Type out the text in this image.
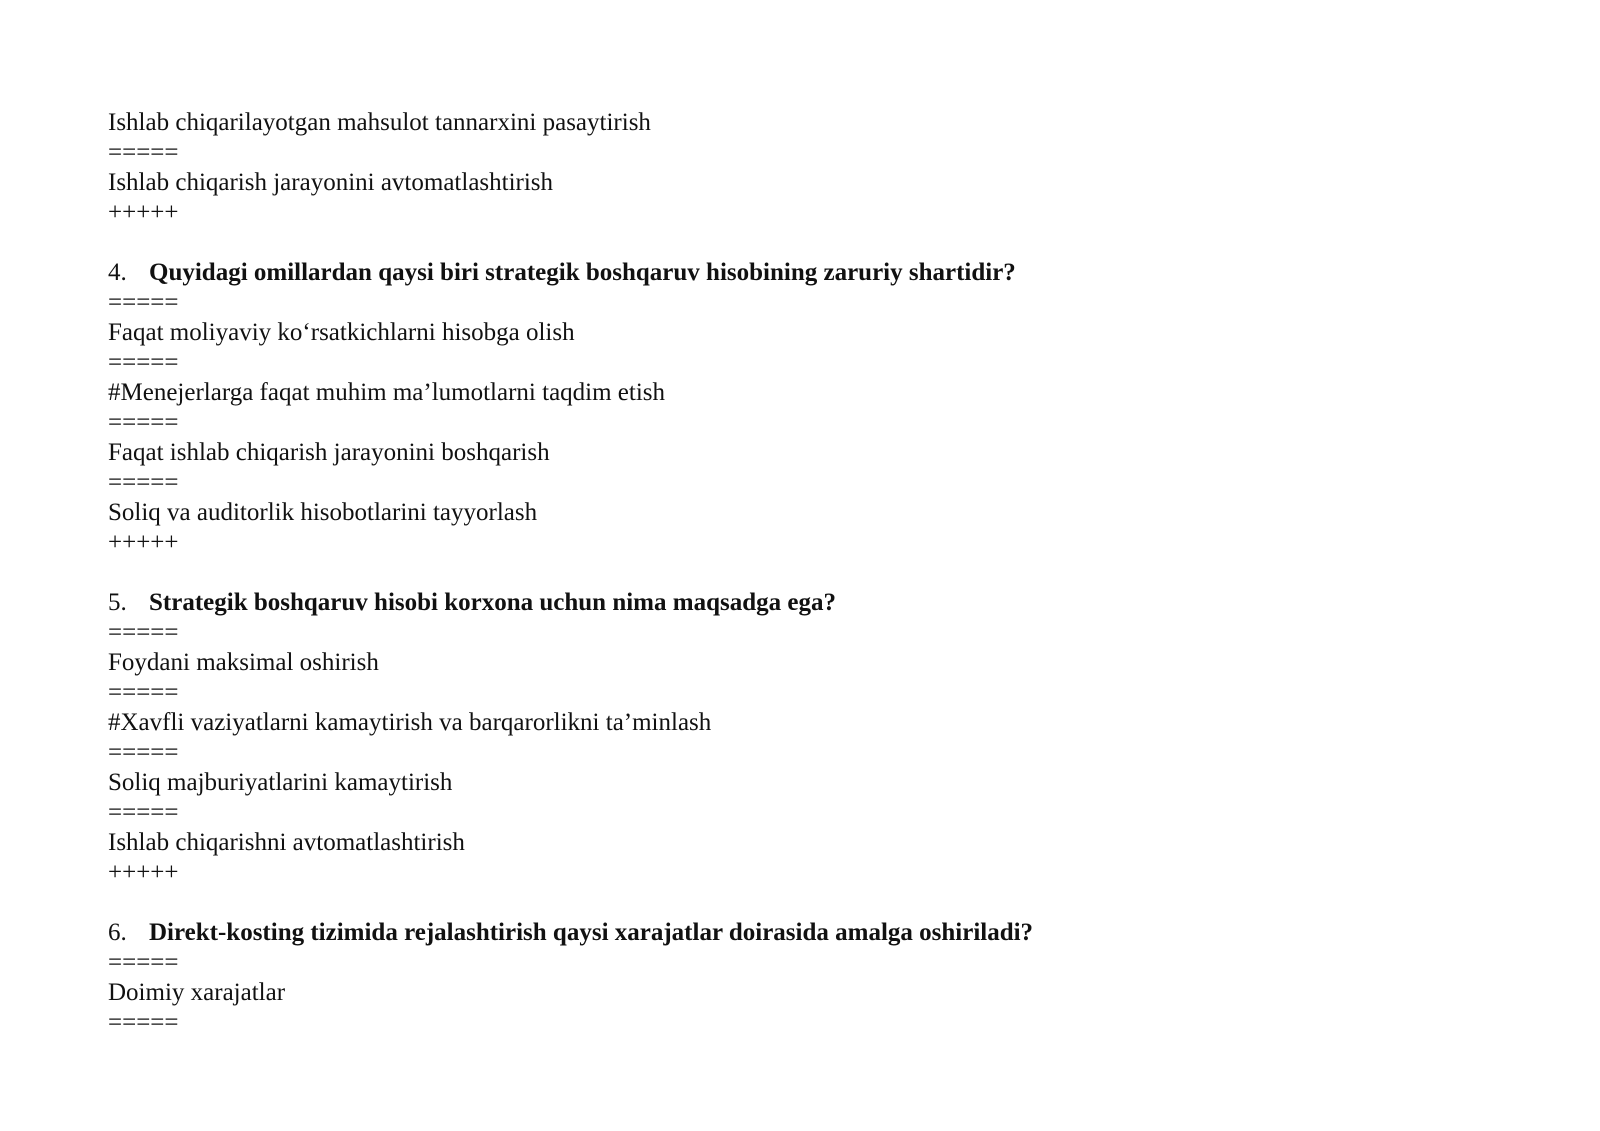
Ishlab chiqarilayotgan mahsulot tannarxini pasaytirish
=====
Ishlab chiqarish jarayonini avtomatlashtirish
+++++
4. Quyidagi omillardan qaysi biri strategik boshqaruv hisobining zaruriy shartidir?
=====
Faqat moliyaviy ko‘rsatkichlarni hisobga olish
=====
#Menejerlarga faqat muhim ma’lumotlarni taqdim etish
=====
Faqat ishlab chiqarish jarayonini boshqarish
=====
Soliq va auditorlik hisobotlarini tayyorlash
+++++
5. Strategik boshqaruv hisobi korxona uchun nima maqsadga ega?
=====
Foydani maksimal oshirish
=====
#Xavfli vaziyatlarni kamaytirish va barqarorlikni ta’minlash
=====
Soliq majburiyatlarini kamaytirish
=====
Ishlab chiqarishni avtomatlashtirish
+++++
6. Direkt-kosting tizimida rejalashtirish qaysi xarajatlar doirasida amalga oshiriladi?
=====
Doimiy xarajatlar
=====
